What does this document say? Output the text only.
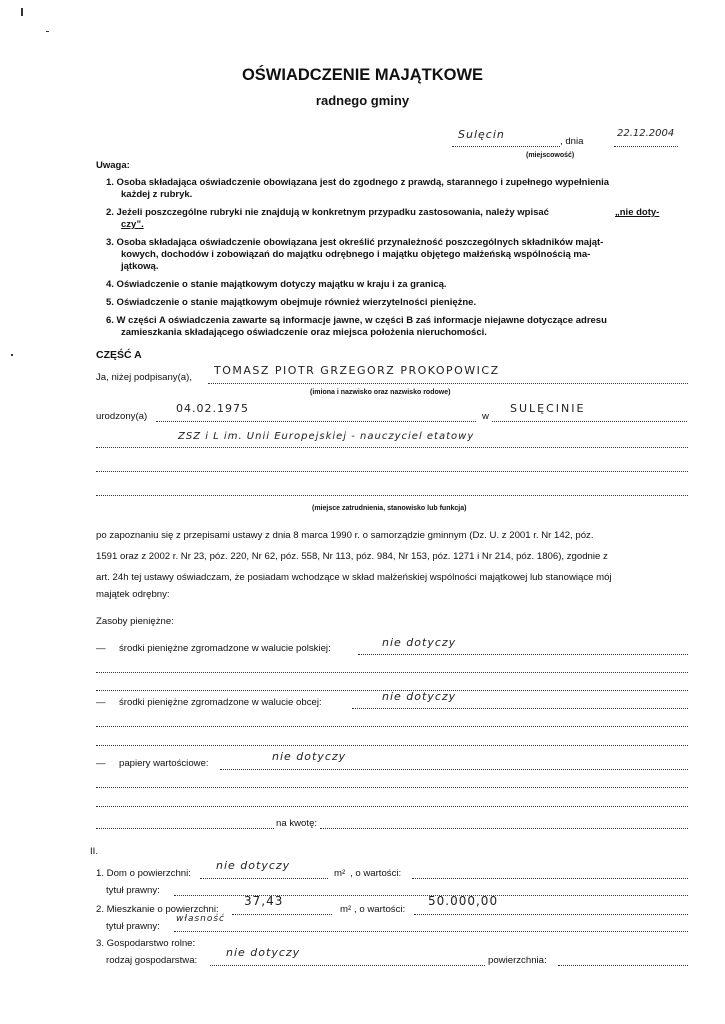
OŚWIADCZENIE MAJĄTKOWE
radnego gminy
Sulęcin
, dnia
22.12.2004
(miejscowość)
Uwaga:
1. Osoba składająca oświadczenie obowiązana jest do zgodnego z prawdą, starannego i zupełnego wypełnienia
każdej z rubryk.
2. Jeżeli poszczególne rubryki nie znajdują w konkretnym przypadku zastosowania, należy wpisać	„nie doty-
czy”.
3. Osoba składająca oświadczenie obowiązana jest określić przynależność poszczególnych składników mająt-
kowych, dochodów i zobowiązań do majątku odrębnego i majątku objętego małżeńską wspólnością ma-
jątkową.
4. Oświadczenie o stanie majątkowym dotyczy majątku w kraju i za granicą.
5. Oświadczenie o stanie majątkowym obejmuje również wierzytelności pieniężne.
6. W części A oświadczenia zawarte są informacje jawne, w części B zaś informacje niejawne dotyczące adresu
zamieszkania składającego oświadczenie oraz miejsca położenia nieruchomości.
CZĘŚĆ A
Ja, niżej podpisany(a),
TOMASZ PIOTR GRZEGORZ PROKOPOWICZ
(imiona i nazwisko oraz nazwisko rodowe)
urodzony(a)
04.02.1975
w
SULĘCINIE
ZSZ i L im. Unii Europejskiej - nauczyciel etatowy
(miejsce zatrudnienia, stanowisko lub funkcja)
po zapoznaniu się z przepisami ustawy z dnia 8 marca 1990 r. o samorządzie gminnym (Dz. U. z 2001 r. Nr 142, póz.
1591 oraz z 2002 r. Nr 23, póz. 220, Nr 62, póz. 558, Nr 113, póz. 984, Nr 153, póz. 1271 i Nr 214, póz. 1806), zgodnie z
art. 24h tej ustawy oświadczam, że posiadam wchodzące w skład małżeńskiej wspólności majątkowej lub stanowiące mój
majątek odrębny:
Zasoby pieniężne:
— środki pieniężne zgromadzone w walucie polskiej:	nie dotyczy
— środki pieniężne zgromadzone w walucie obcej:	nie dotyczy
— papiery wartościowe:
nie dotyczy
na kwotę:
II.
1. Dom o powierzchni:
nie dotyczy
m² , o wartości:
tytuł prawny:
2. Mieszkanie o powierzchni:
37,43
m² , o wartości:
50.000,00
tytuł prawny:
własność
3. Gospodarstwo rolne:
rodzaj gospodarstwa:
nie dotyczy
powierzchnia:
